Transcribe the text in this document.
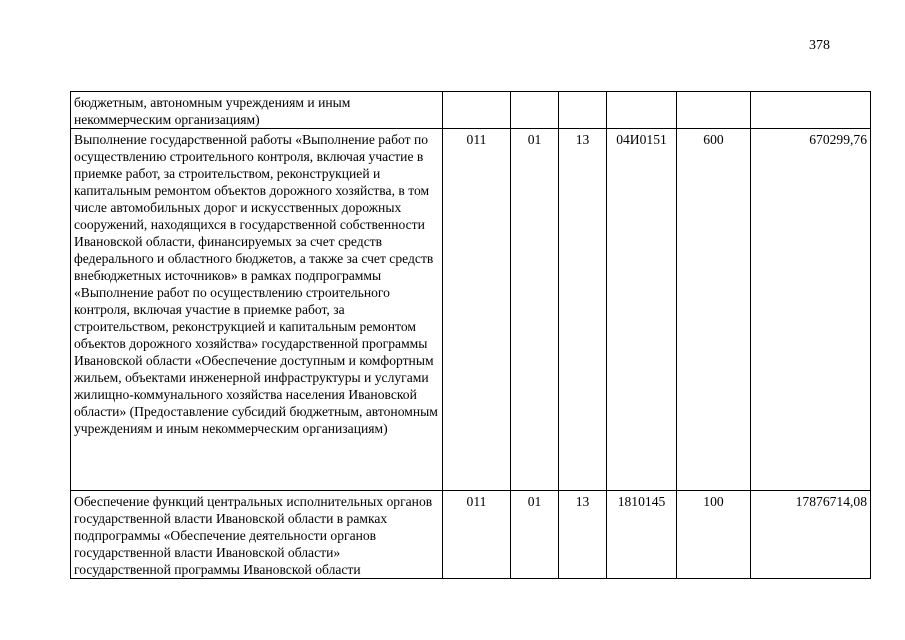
378
бюджетным, автономным учреждениям и иным некоммерческим организациям)						
Выполнение государственной работы «Выполнение работ по осуществлению строительного контроля, включая участие в приемке работ, за строительством, реконструкцией и капитальным ремонтом объектов дорожного хозяйства, в том числе автомобильных дорог и искусственных дорожных сооружений, находящихся в государственной собственности Ивановской области, финансируемых за счет средств федерального и областного бюджетов, а также за счет средств внебюджетных источников» в рамках подпрограммы «Выполнение работ по осуществлению строительного контроля, включая участие в приемке работ, за строительством, реконструкцией и капитальным ремонтом объектов дорожного хозяйства» государственной программы Ивановской области «Обеспечение доступным и комфортным жильем, объектами инженерной инфраструктуры и услугами жилищно-коммунального хозяйства населения Ивановской области» (Предоставление субсидий бюджетным, автономным учреждениям и иным некоммерческим организациям)	011	01	13	04И0151	600	670299,76
Обеспечение функций центральных исполнительных органов государственной власти Ивановской области в рамках подпрограммы «Обеспечение деятельности органов государственной власти Ивановской области» государственной программы Ивановской области	011	01	13	1810145	100	17876714,08
